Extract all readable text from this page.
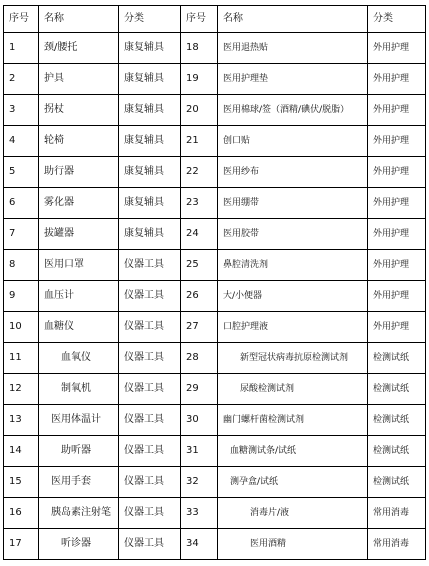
序号	名称	分类	序号	名称	分类
1	颈/腰托	康复辅具	18	医用退热贴	外用护理
2	护具	康复辅具	19	医用护理垫	外用护理
3	拐杖	康复辅具	20	医用棉球/签（酒精/碘伏/脱脂）	外用护理
4	轮椅	康复辅具	21	创口贴	外用护理
5	助行器	康复辅具	22	医用纱布	外用护理
6	雾化器	康复辅具	23	医用绷带	外用护理
7	拔罐器	康复辅具	24	医用胶带	外用护理
8	医用口罩	仪器工具	25	鼻腔清洗剂	外用护理
9	血压计	仪器工具	26	大/小便器	外用护理
10	血糖仪	仪器工具	27	口腔护理液	外用护理
11	血氧仪	仪器工具	28	新型冠状病毒抗原检测试剂	检测试纸
12	制氧机	仪器工具	29	尿酸检测试剂	检测试纸
13	医用体温计	仪器工具	30	幽门螺杆菌检测试剂	检测试纸
14	助听器	仪器工具	31	血糖测试条/试纸	检测试纸
15	医用手套	仪器工具	32	测孕盒/试纸	检测试纸
16	胰岛素注射笔	仪器工具	33	消毒片/液	常用消毒
17	听诊器	仪器工具	34	医用酒精	常用消毒
